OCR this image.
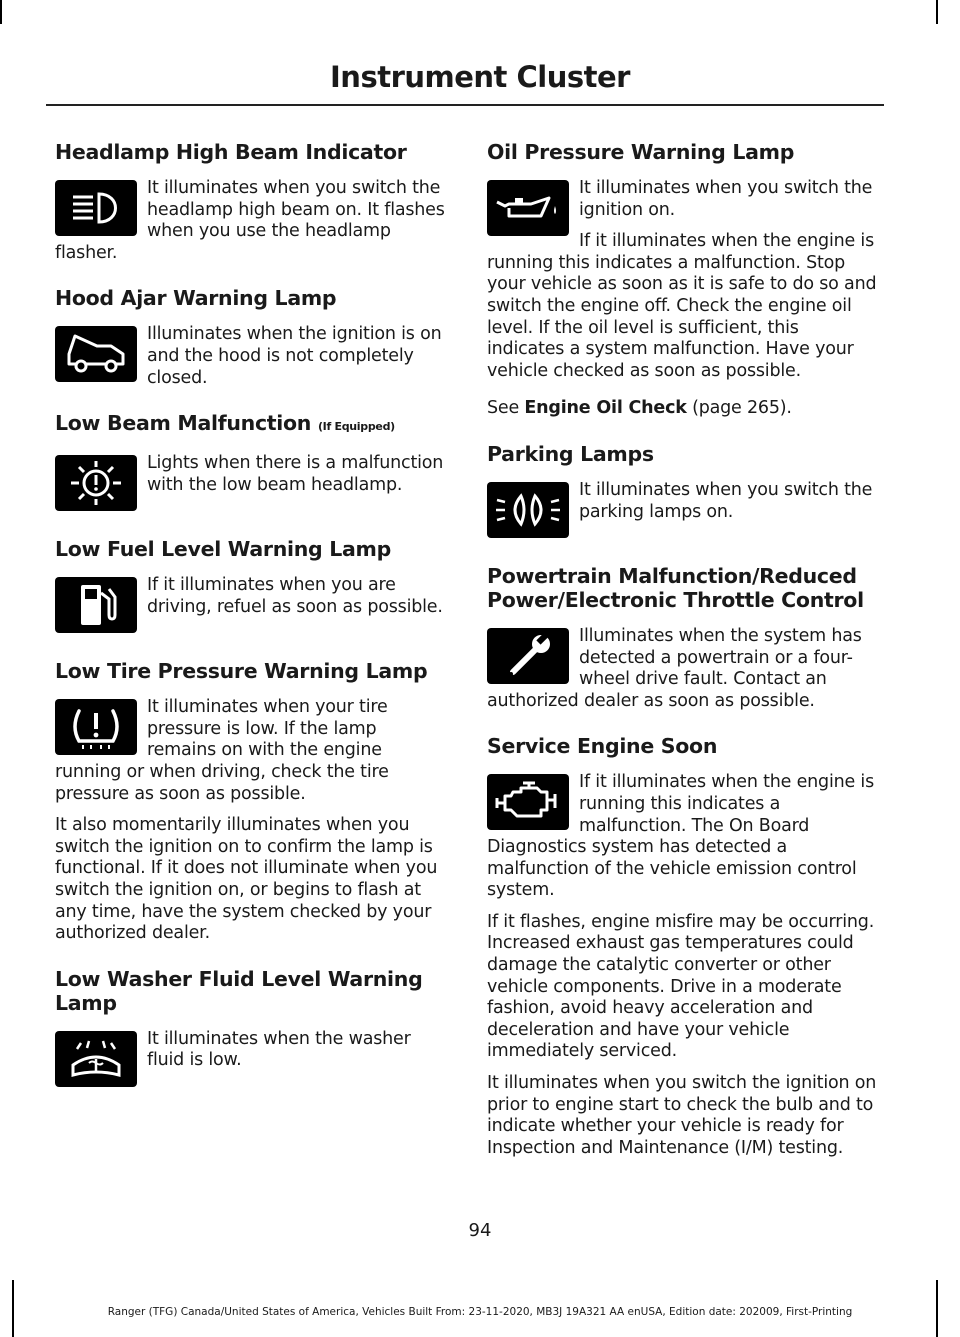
Instrument Cluster
Headlamp High Beam Indicator

It illuminates when you switch the headlamp high beam on. It flashes when you use the headlamp flasher.

Hood Ajar Warning Lamp

Illuminates when the ignition is on and the hood is not completely closed.

Low Beam Malfunction (If Equipped)

Lights when there is a malfunction with the low beam headlamp.

Low Fuel Level Warning Lamp

If it illuminates when you are driving, refuel as soon as possible.

Low Tire Pressure Warning Lamp

It illuminates when your tire pressure is low. If the lamp remains on with the engine running or when driving, check the tire pressure as soon as possible.

It also momentarily illuminates when you switch the ignition on to confirm the lamp is functional. If it does not illuminate when you switch the ignition on, or begins to flash at any time, have the system checked by your authorized dealer.

Low Washer Fluid Level Warning Lamp

It illuminates when the washer fluid is low.

Oil Pressure Warning Lamp

It illuminates when you switch the ignition on.

If it illuminates when the engine is running this indicates a malfunction. Stop your vehicle as soon as it is safe to do so and switch the engine off. Check the engine oil level. If the oil level is sufficient, this indicates a system malfunction. Have your vehicle checked as soon as possible.

See Engine Oil Check (page 265).

Parking Lamps

It illuminates when you switch the parking lamps on.

Powertrain Malfunction/Reduced Power/Electronic Throttle Control

Illuminates when the system has detected a powertrain or a four-wheel drive fault. Contact an authorized dealer as soon as possible.

Service Engine Soon

If it illuminates when the engine is running this indicates a malfunction. The On Board Diagnostics system has detected a malfunction of the vehicle emission control system.

If it flashes, engine misfire may be occurring. Increased exhaust gas temperatures could damage the catalytic converter or other vehicle components. Drive in a moderate fashion, avoid heavy acceleration and deceleration and have your vehicle immediately serviced.

It illuminates when you switch the ignition on prior to engine start to check the bulb and to indicate whether your vehicle is ready for Inspection and Maintenance (I/M) testing.

94
Ranger (TFG) Canada/United States of America, Vehicles Built From: 23-11-2020, MB3J 19A321 AA enUSA, Edition date: 202009, First-Printing
